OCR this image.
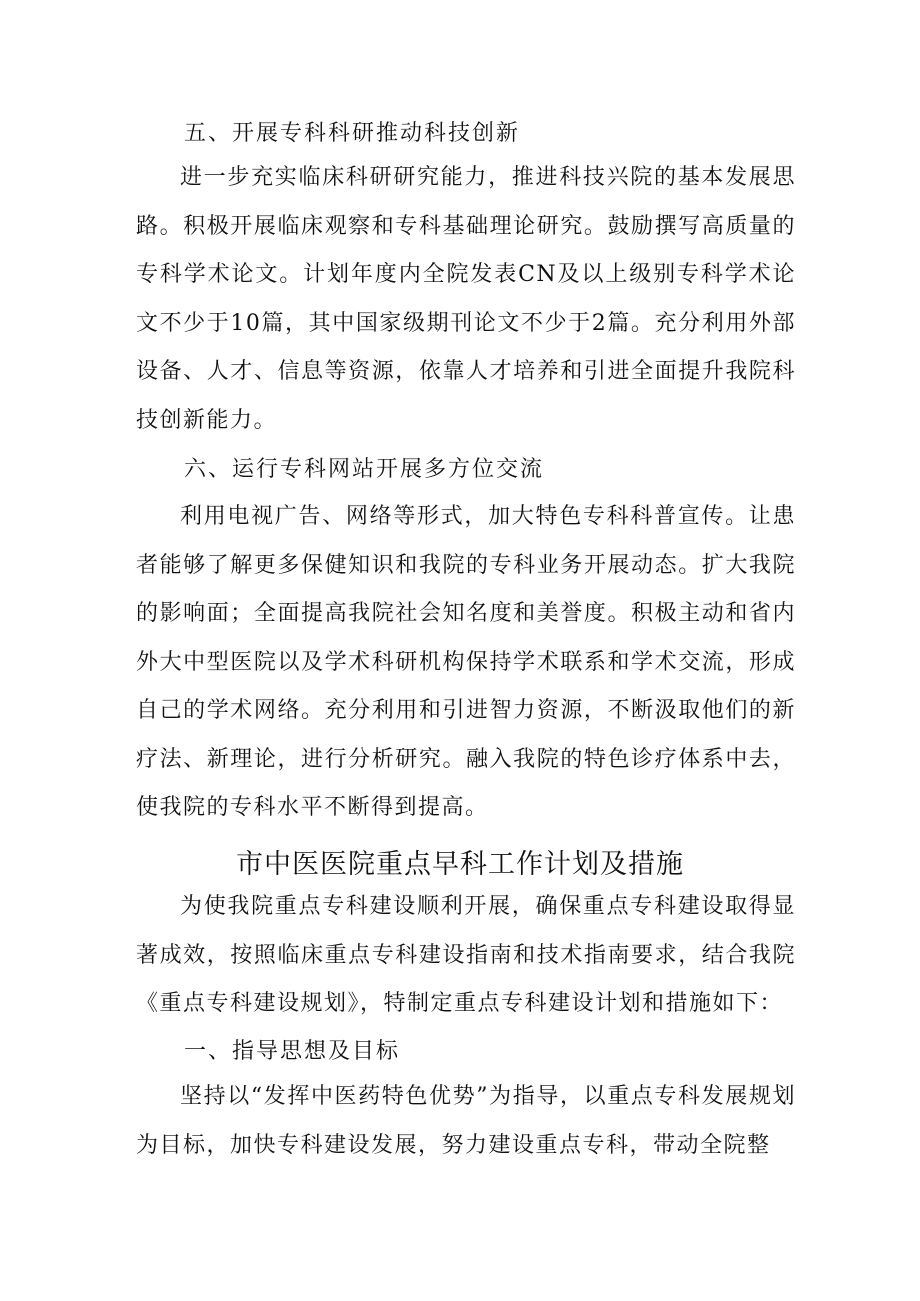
五、开展专科科研推动科技创新

进一步充实临床科研研究能力，推进科技兴院的基本发展思路。积极开展临床观察和专科基础理论研究。鼓励撰写高质量的专科学术论文。计划年度内全院发表CN及以上级别专科学术论文不少于10篇，其中国家级期刊论文不少于2篇。充分利用外部设备、人才、信息等资源，依靠人才培养和引进全面提升我院科技创新能力。

六、运行专科网站开展多方位交流

利用电视广告、网络等形式，加大特色专科科普宣传。让患者能够了解更多保健知识和我院的专科业务开展动态。扩大我院的影响面；全面提高我院社会知名度和美誉度。积极主动和省内外大中型医院以及学术科研机构保持学术联系和学术交流，形成自己的学术网络。充分利用和引进智力资源，不断汲取他们的新疗法、新理论，进行分析研究。融入我院的特色诊疗体系中去，使我院的专科水平不断得到提高。

市中医医院重点早科工作计划及措施

为使我院重点专科建设顺利开展，确保重点专科建设取得显著成效，按照临床重点专科建设指南和技术指南要求，结合我院《重点专科建设规划》，特制定重点专科建设计划和措施如下：

一、指导思想及目标

坚持以“发挥中医药特色优势”为指导，以重点专科发展规划为目标，加快专科建设发展，努力建设重点专科，带动全院整
